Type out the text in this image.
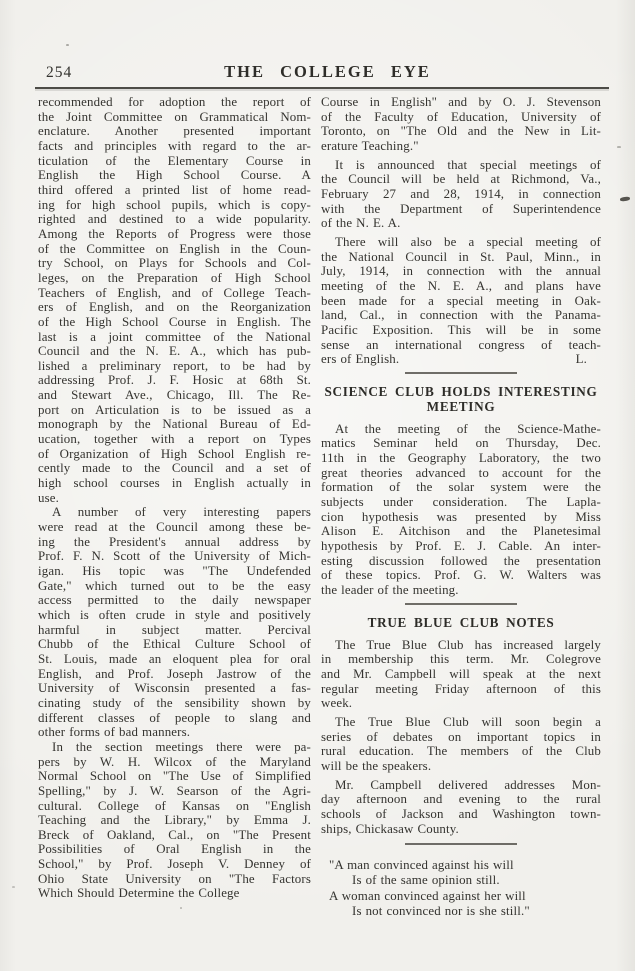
254	THE COLLEGE EYE
recommended for adoption the report of
the Joint Committee on Grammatical Nom-
enclature. Another presented important
facts and principles with regard to the ar-
ticulation of the Elementary Course in
English the High School Course. A
third offered a printed list of home read-
ing for high school pupils, which is copy-
righted and destined to a wide popularity.
Among the Reports of Progress were those
of the Committee on English in the Coun-
try School, on Plays for Schools and Col-
leges, on the Preparation of High School
Teachers of English, and of College Teach-
ers of English, and on the Reorganization
of the High School Course in English. The
last is a joint committee of the National
Council and the N. E. A., which has pub-
lished a preliminary report, to be had by
addressing Prof. J. F. Hosic at 68th St.
and Stewart Ave., Chicago, Ill. The Re-
port on Articulation is to be issued as a
monograph by the National Bureau of Ed-
ucation, together with a report on Types
of Organization of High School English re-
cently made to the Council and a set of
high school courses in English actually in
use.
A number of very interesting papers
were read at the Council among these be-
ing the President's annual address by
Prof. F. N. Scott of the University of Mich-
igan. His topic was "The Undefended
Gate," which turned out to be the easy
access permitted to the daily newspaper
which is often crude in style and positively
harmful in subject matter. Percival
Chubb of the Ethical Culture School of
St. Louis, made an eloquent plea for oral
English, and Prof. Joseph Jastrow of the
University of Wisconsin presented a fas-
cinating study of the sensibility shown by
different classes of people to slang and
other forms of bad manners.
In the section meetings there were pa-
pers by W. H. Wilcox of the Maryland
Normal School on "The Use of Simplified
Spelling," by J. W. Searson of the Agri-
cultural. College of Kansas on "English
Teaching and the Library," by Emma J.
Breck of Oakland, Cal., on "The Present
Possibilities of Oral English in the
School," by Prof. Joseph V. Denney of
Ohio State University on "The Factors
Which Should Determine the College
Course in English" and by O. J. Stevenson
of the Faculty of Education, University of
Toronto, on "The Old and the New in Lit-
erature Teaching."
It is announced that special meetings of
the Council will be held at Richmond, Va.,
February 27 and 28, 1914, in connection
with the Department of Superintendence
of the N. E. A.
There will also be a special meeting of
the National Council in St. Paul, Minn., in
July, 1914, in connection with the annual
meeting of the N. E. A., and plans have
been made for a special meeting in Oak-
land, Cal., in connection with the Panama-
Pacific Exposition. This will be in some
sense an international congress of teach-
ers of English.	L.
SCIENCE CLUB HOLDS INTERESTING
MEETING
At the meeting of the Science-Mathe-
matics Seminar held on Thursday, Dec.
11th in the Geography Laboratory, the two
great theories advanced to account for the
formation of the solar system were the
subjects under consideration. The Lapla-
cion hypothesis was presented by Miss
Alison E. Aitchison and the Planetesimal
hypothesis by Prof. E. J. Cable. An inter-
esting discussion followed the presentation
of these topics. Prof. G. W. Walters was
the leader of the meeting.
TRUE BLUE CLUB NOTES
The True Blue Club has increased largely
in membership this term. Mr. Colegrove
and Mr. Campbell will speak at the next
regular meeting Friday afternoon of this
week.
The True Blue Club will soon begin a
series of debates on important topics in
rural education. The members of the Club
will be the speakers.
Mr. Campbell delivered addresses Mon-
day afternoon and evening to the rural
schools of Jackson and Washington town-
ships, Chickasaw County.
"A man convinced against his will
Is of the same opinion still.
A woman convinced against her will
Is not convinced nor is she still."
